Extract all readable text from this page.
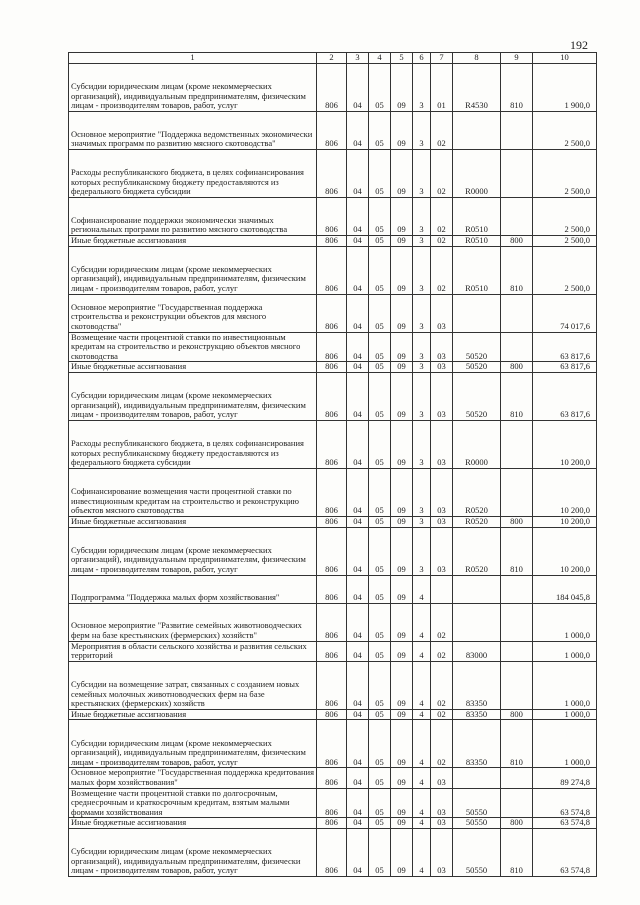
192
1	2	3	4	5	6	7	8	9	10
Субсидии юридическим лицам (кроме некоммерческих организаций), индивидуальным предпринимателям, физическим лицам - производителям товаров, работ, услуг	806	04	05	09	3	01	R4530	810	1 900,0
Основное мероприятие "Поддержка ведомственных экономически значимых программ по развитию мясного скотоводства"	806	04	05	09	3	02			2 500,0
Расходы республиканского бюджета, в целях софинансирования которых республиканскому бюджету предоставляются из федерального бюджета субсидии	806	04	05	09	3	02	R0000		2 500,0
Софинансирование поддержки экономически значимых региональных програми по развитию мясного скотоводства	806	04	05	09	3	02	R0510		2 500,0
Иные бюджетные ассигнования	806	04	05	09	3	02	R0510	800	2 500,0
Субсидии юридическим лицам (кроме некоммерческих организаций), индивидуальным предпринимателям, физическим лицам - производителям товаров, работ, услуг	806	04	05	09	3	02	R0510	810	2 500,0
Основное мероприятие "Государственная поддержка строительства и реконструкции объектов для мясного скотоводства"	806	04	05	09	3	03			74 017,6
Возмещение части процентной ставки по инвестиционным кредитам на строительство и реконструкцию объектов мясного скотоводства	806	04	05	09	3	03	50520		63 817,6
Иные бюджетные ассигнования	806	04	05	09	3	03	50520	800	63 817,6
Субсидии юридическим лицам (кроме некоммерческих организаций), индивидуальным предпринимателям, физическим лицам - производителям товаров, работ, услуг	806	04	05	09	3	03	50520	810	63 817,6
Расходы республиканского бюджета, в целях софинансирования которых республиканскому бюджету предоставляются из федерального бюджета субсидии	806	04	05	09	3	03	R0000		10 200,0
Софинансирование возмещения части процентной ставки по инвестиционным кредитам на строительство и реконструкцию объектов мясного скотоводства	806	04	05	09	3	03	R0520		10 200,0
Иные бюджетные ассигнования	806	04	05	09	3	03	R0520	800	10 200,0
Субсидии юридическим лицам (кроме некоммерческих организаций), индивидуальным предпринимателям, физическим лицам - производителям товаров, работ, услуг	806	04	05	09	3	03	R0520	810	10 200,0
Подпрограмма "Поддержка малых форм хозяйствования"	806	04	05	09	4				184 045,8
Основное мероприятие "Развитие семейных животноводческих ферм на базе крестьянских (фермерских) хозяйств"	806	04	05	09	4	02			1 000,0
Мероприятия в области сельского хозяйства и развития сельских территорий	806	04	05	09	4	02	83000		1 000,0
Субсидии на возмещение затрат, связанных с созданием новых семейных молочных животноводческих ферм на базе крестьянских (фермерских) хозяйств	806	04	05	09	4	02	83350		1 000,0
Иные бюджетные ассигнования	806	04	05	09	4	02	83350	800	1 000,0
Субсидии юридическим лицам (кроме некоммерческих организаций), индивидуальным предпринимателям, физическим лицам - производителям товаров, работ, услуг	806	04	05	09	4	02	83350	810	1 000,0
Основное мероприятие "Государственная поддержка кредитования малых форм хозяйствования"	806	04	05	09	4	03			89 274,8
Возмещение части процентной ставки по долгосрочным, среднесрочным и краткосрочным кредитам, взятым малыми формами хозяйствования	806	04	05	09	4	03	50550		63 574,8
Иные бюджетные ассигнования	806	04	05	09	4	03	50550	800	63 574,8
Субсидии юридическим лицам (кроме некоммерческих организаций), индивидуальным предпринимателям, физически лицам - производителям товаров, работ, услуг	806	04	05	09	4	03	50550	810	63 574,8
